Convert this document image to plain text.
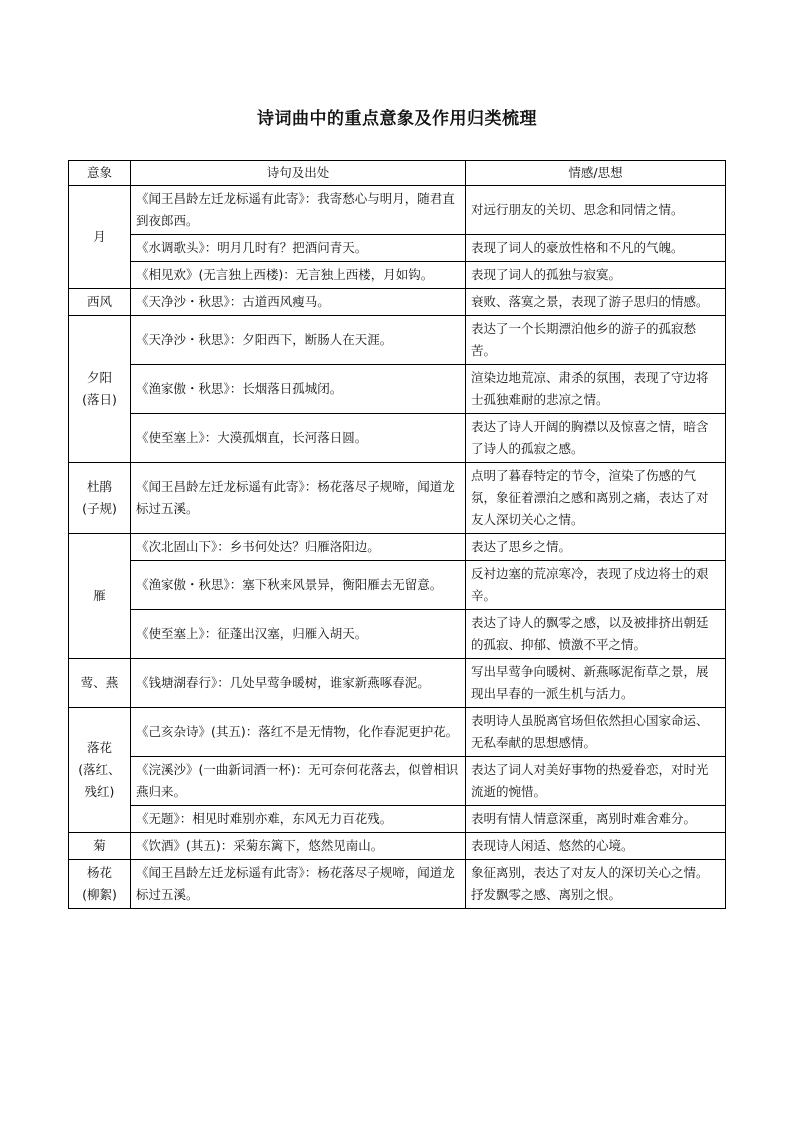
诗词曲中的重点意象及作用归类梳理
意象	诗句及出处	情感/思想

月	《闻王昌龄左迁龙标遥有此寄》：我寄愁心与明月，随君直到夜郎西。	对远行朋友的关切、思念和同情之情。
	《水调歌头》：明月几时有？把酒问青天。	表现了词人的豪放性格和不凡的气魄。
	《相见欢》(无言独上西楼)：无言独上西楼，月如钩。	表现了词人的孤独与寂寞。

西风	《天净沙・秋思》：古道西风瘦马。	衰败、落寞之景，表现了游子思归的情感。

夕阳
(落日)	《天净沙・秋思》：夕阳西下，断肠人在天涯。	表达了一个长期漂泊他乡的游子的孤寂愁苦。
	《渔家傲・秋思》：长烟落日孤城闭。	渲染边地荒凉、肃杀的氛围，表现了守边将士孤独难耐的悲凉之情。
	《使至塞上》：大漠孤烟直，长河落日圆。	表达了诗人开阔的胸襟以及惊喜之情，暗含了诗人的孤寂之感。

杜鹃
(子规)	《闻王昌龄左迁龙标遥有此寄》：杨花落尽子规啼，闻道龙标过五溪。	点明了暮春特定的节令，渲染了伤感的气氛，象征着漂泊之感和离别之痛，表达了对友人深切关心之情。

雁	《次北固山下》：乡书何处达？归雁洛阳边。	表达了思乡之情。
	《渔家傲・秋思》：塞下秋来风景异，衡阳雁去无留意。	反衬边塞的荒凉寒冷，表现了戍边将士的艰辛。
	《使至塞上》：征蓬出汉塞，归雁入胡天。	表达了诗人的飘零之感，以及被排挤出朝廷的孤寂、抑郁、愤激不平之情。

莺、燕	《钱塘湖春行》：几处早莺争暖树，谁家新燕啄春泥。	写出早莺争向暖树、新燕啄泥衔草之景，展现出早春的一派生机与活力。

落花
(落红、
残红)	《己亥杂诗》(其五)：落红不是无情物，化作春泥更护花。	表明诗人虽脱离官场但依然担心国家命运、无私奉献的思想感情。
	《浣溪沙》(一曲新词酒一杯)：无可奈何花落去，似曾相识燕归来。	表达了词人对美好事物的热爱眷恋，对时光流逝的惋惜。
	《无题》：相见时难别亦难，东风无力百花残。	表明有情人情意深重，离别时难舍难分。

菊	《饮酒》(其五)：采菊东篱下，悠然见南山。	表现诗人闲适、悠然的心境。

杨花
(柳絮)	《闻王昌龄左迁龙标遥有此寄》：杨花落尽子规啼，闻道龙标过五溪。	象征离别，表达了对友人的深切关心之情。抒发飘零之感、离别之恨。
